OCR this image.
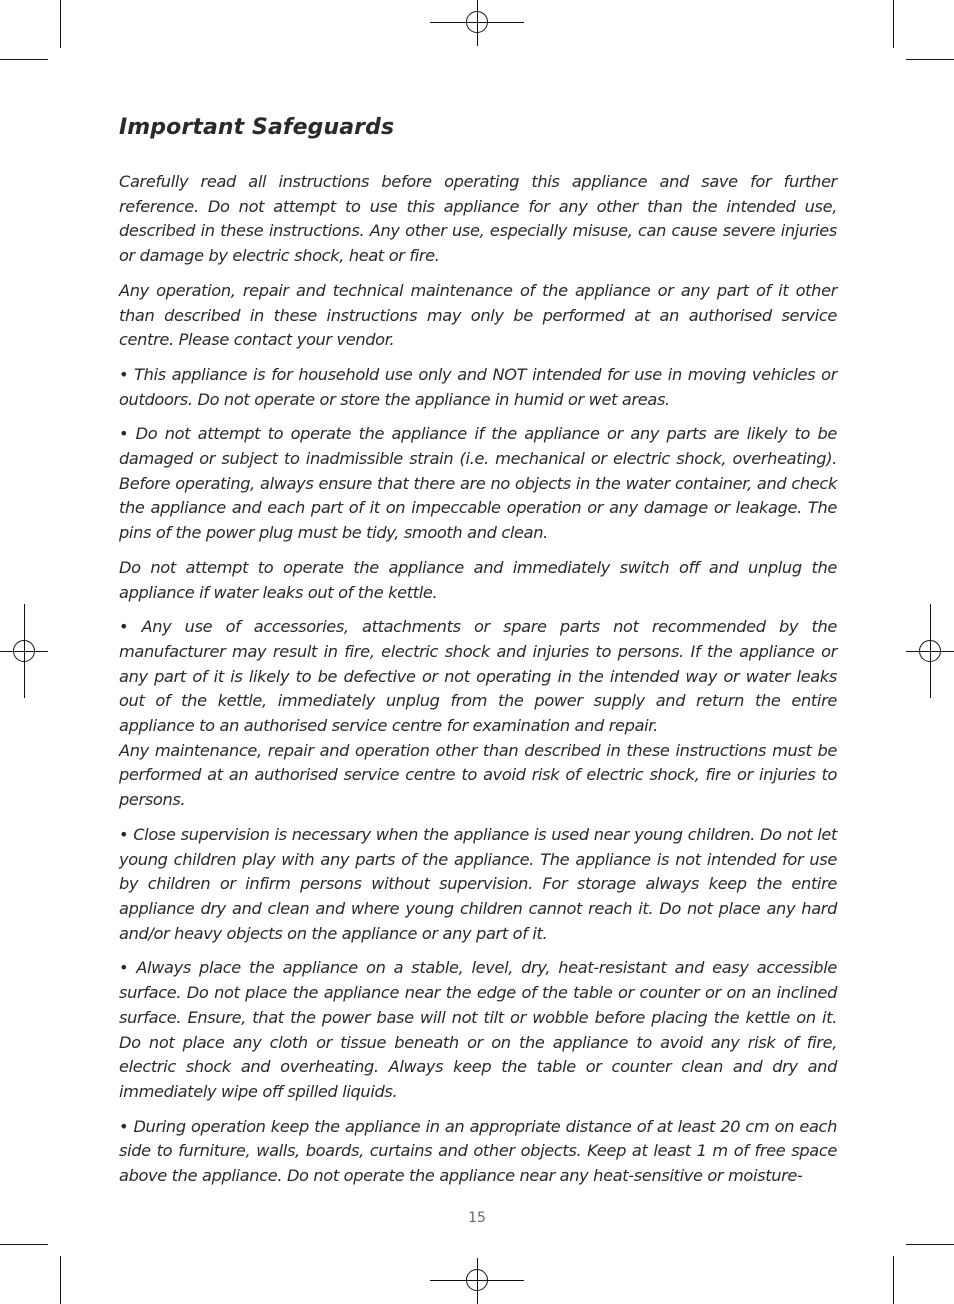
Important Safeguards

Carefully read all instructions before operating this appliance and save for further reference. Do not attempt to use this appliance for any other than the intended use, described in these instructions. Any other use, especially misuse, can cause severe injuries or damage by electric shock, heat or fire.

Any operation, repair and technical maintenance of the appliance or any part of it other than described in these instructions may only be performed at an authorised service centre. Please contact your vendor.

• This appliance is for household use only and NOT intended for use in moving vehicles or outdoors. Do not operate or store the appliance in humid or wet areas.

• Do not attempt to operate the appliance if the appliance or any parts are likely to be damaged or subject to inadmissible strain (i.e. mechanical or electric shock, overheating). Before operating, always ensure that there are no objects in the water container, and check the appliance and each part of it on impeccable operation or any damage or leakage. The pins of the power plug must be tidy, smooth and clean.

Do not attempt to operate the appliance and immediately switch off and unplug the appliance if water leaks out of the kettle.

• Any use of accessories, attachments or spare parts not recommended by the manufacturer may result in fire, electric shock and injuries to persons. If the appliance or any part of it is likely to be defective or not operating in the intended way or water leaks out of the kettle, immediately unplug from the power supply and return the entire appliance to an authorised service centre for examination and repair.

Any maintenance, repair and operation other than described in these instructions must be performed at an authorised service centre to avoid risk of electric shock, fire or injuries to persons.

• Close supervision is necessary when the appliance is used near young children. Do not let young children play with any parts of the appliance. The appliance is not intended for use by children or infirm persons without supervision. For storage always keep the entire appliance dry and clean and where young children cannot reach it. Do not place any hard and/or heavy objects on the appliance or any part of it.

• Always place the appliance on a stable, level, dry, heat-resistant and easy accessible surface. Do not place the appliance near the edge of the table or counter or on an inclined surface. Ensure, that the power base will not tilt or wobble before placing the kettle on it. Do not place any cloth or tissue beneath or on the appliance to avoid any risk of fire, electric shock and overheating. Always keep the table or counter clean and dry and immediately wipe off spilled liquids.

• During operation keep the appliance in an appropriate distance of at least 20 cm on each side to furniture, walls, boards, curtains and other objects. Keep at least 1 m of free space above the appliance. Do not operate the appliance near any heat-sensitive or moisture-

15
